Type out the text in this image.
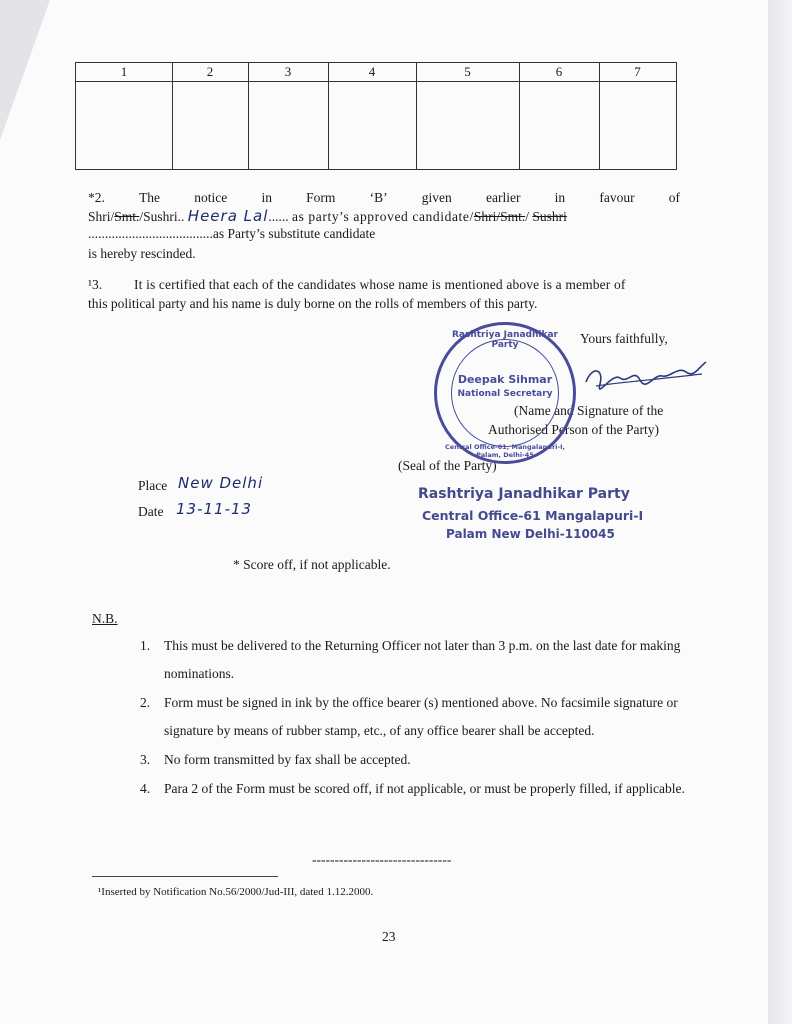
1	2	3	4	5	6	7
*2.	The	notice	in	Form	‘B’	given	earlier	in	favour	of
Shri/Smt./Sushri.. Heera Lal...... as party’s approved candidate/Shri/Smt./ Sushri
.....................................as Party’s substitute candidate
is hereby rescinded.
¹3. It is certified that each of the candidates whose name is mentioned above is a member of
this political party and his name is duly borne on the rolls of members of this party.
Yours faithfully,
(Name and Signature of the
Authorised Person of the Party)
(Seal of the Party)
Rashtriya Janadhikar Party
Deepak Sihmar
National Secretary
Central Office-61, Mangalapuri-I, Palam, Delhi-45
Place New Delhi
Date 13-11-13
Rashtriya Janadhikar Party
Central Office-61 Mangalapuri-I
Palam New Delhi-110045
* Score off, if not applicable.
N.B.
1. This must be delivered to the Returning Officer not later than 3 p.m. on the last date for making nominations.
2. Form must be signed in ink by the office bearer (s) mentioned above. No facsimile signature or signature by means of rubber stamp, etc., of any office bearer shall be accepted.
3. No form transmitted by fax shall be accepted.
4. Para 2 of the Form must be scored off, if not applicable, or must be properly filled, if applicable.
-------------------------------
¹Inserted by Notification No.56/2000/Jud-III, dated 1.12.2000.
23
